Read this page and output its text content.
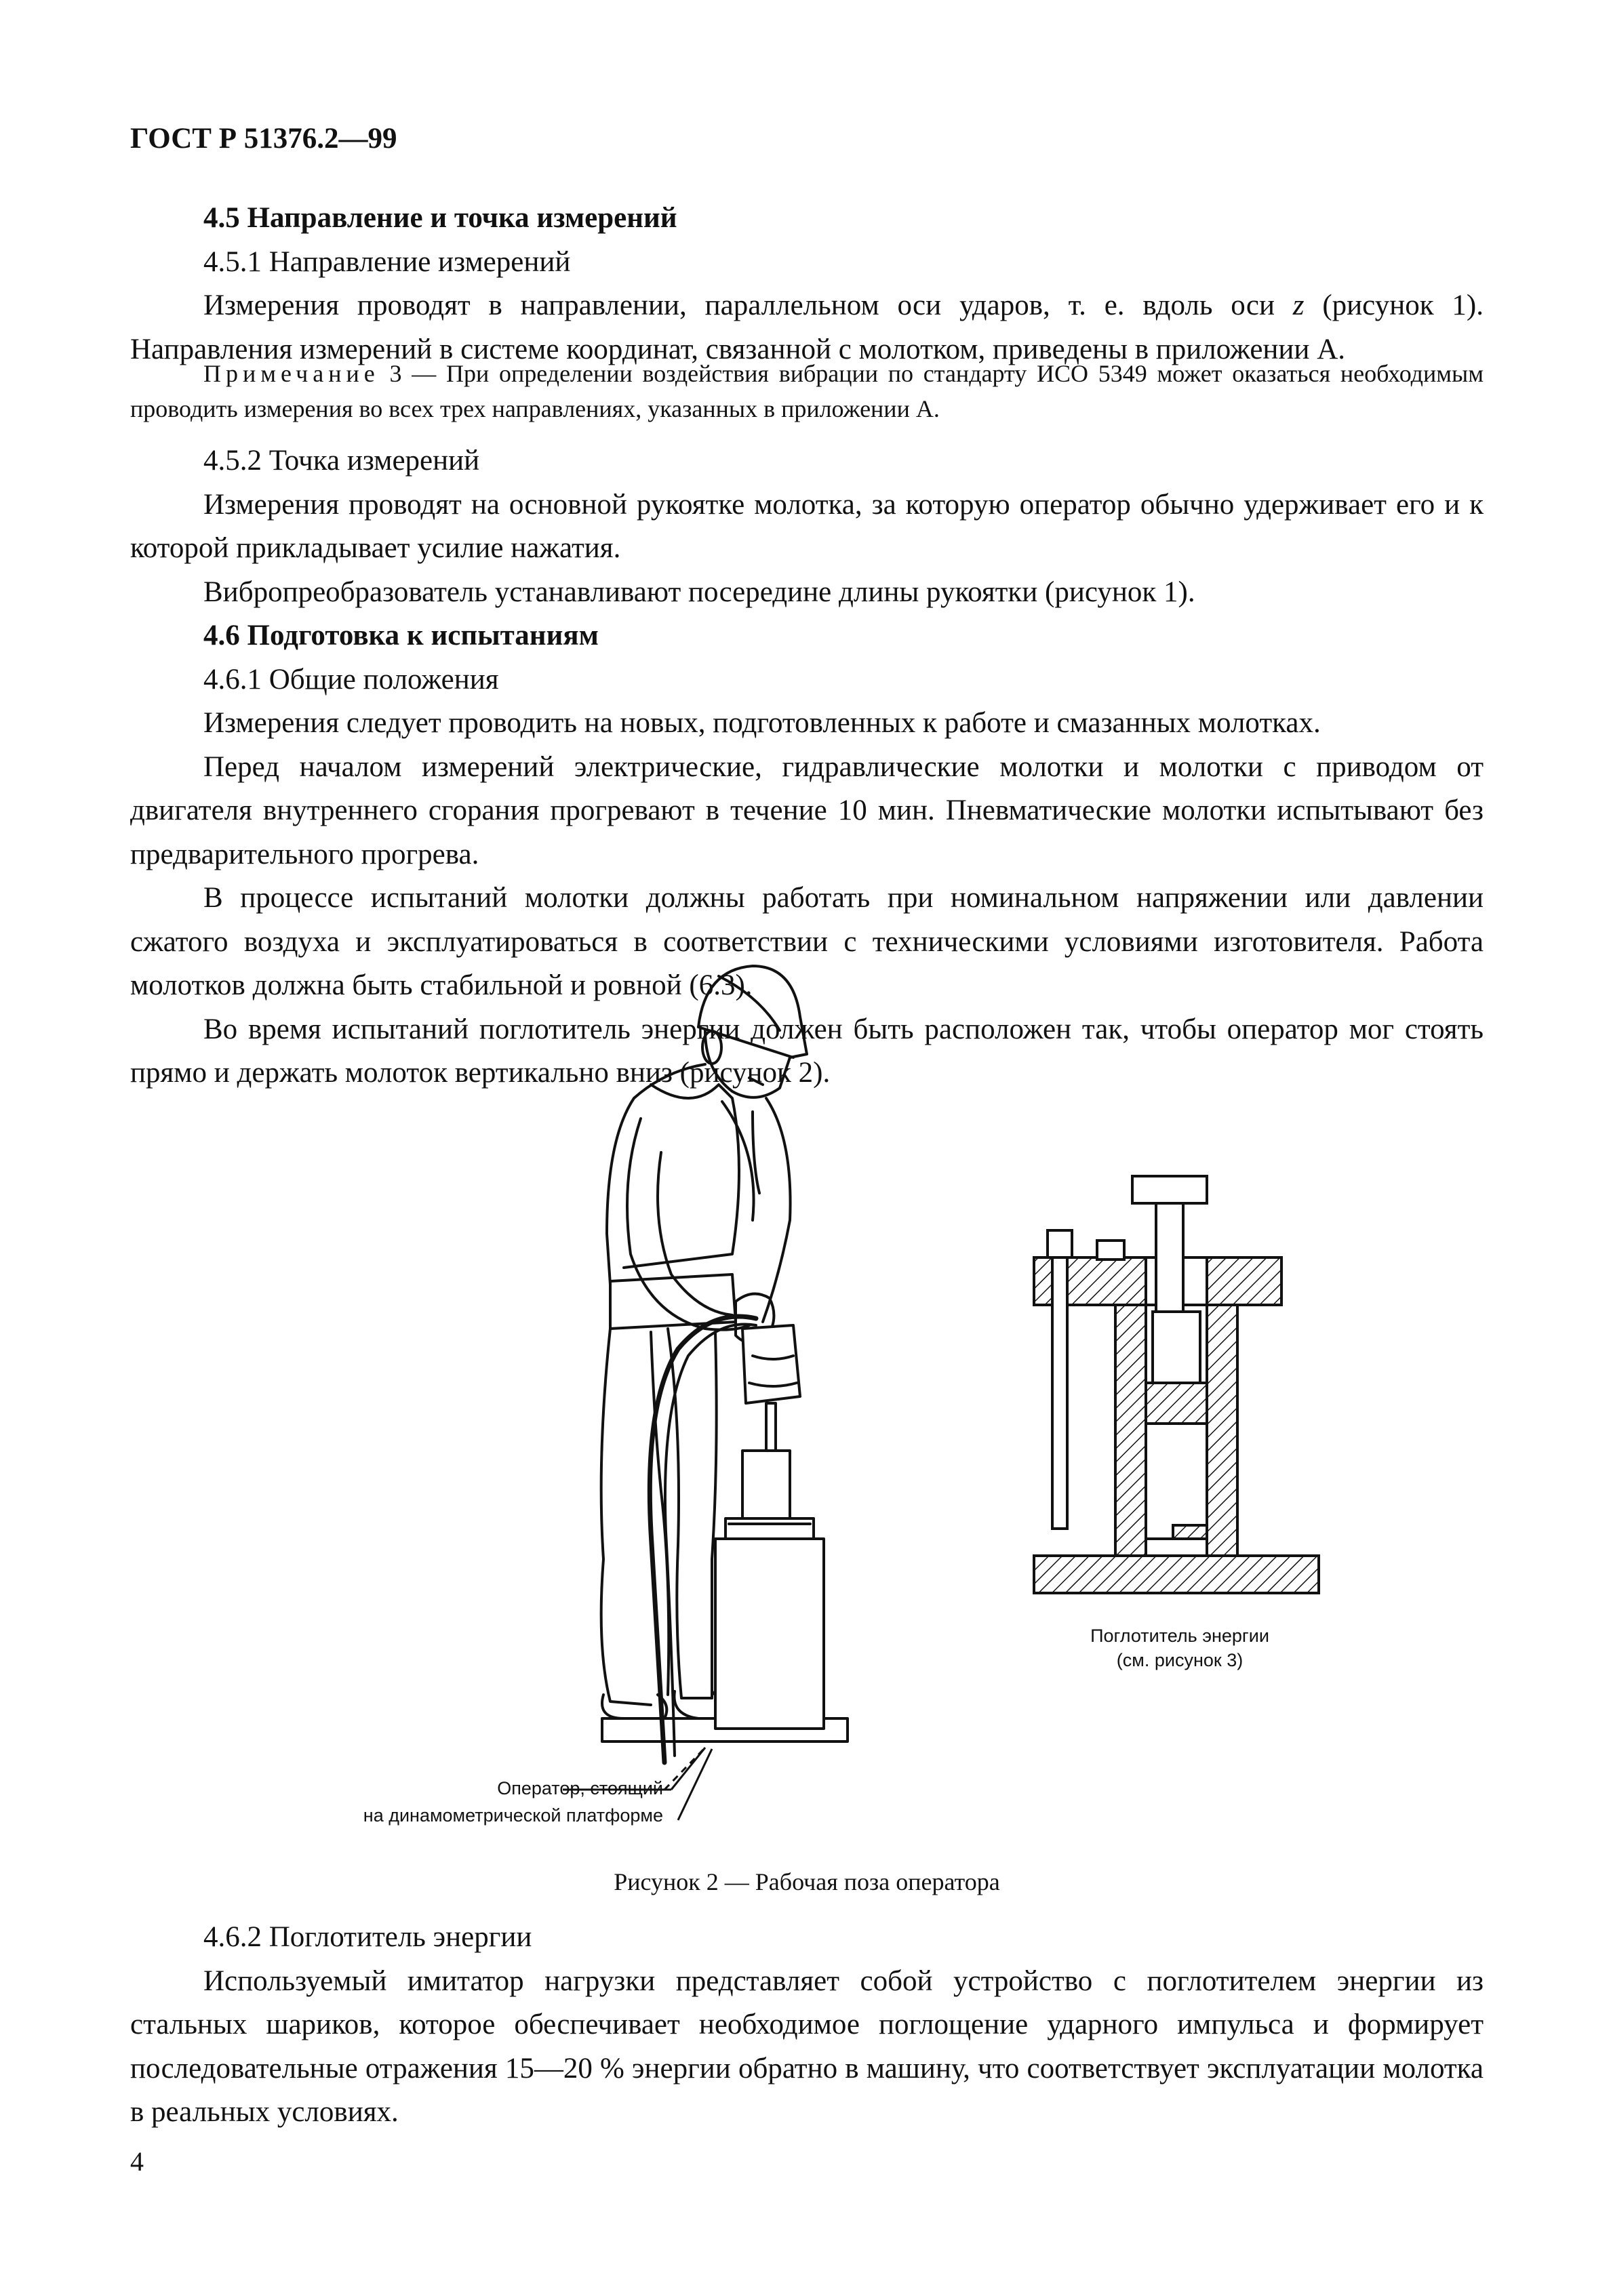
ГОСТ Р 51376.2—99

4.5 Направление и точка измерений

4.5.1 Направление измерений

Измерения проводят в направлении, параллельном оси ударов, т. е. вдоль оси z (рисунок 1). Направления измерений в системе координат, связанной с молотком, приведены в приложении А.

Примечание 3 — При определении воздействия вибрации по стандарту ИСО 5349 может оказаться необходимым проводить измерения во всех трех направлениях, указанных в приложении А.

4.5.2 Точка измерений

Измерения проводят на основной рукоятке молотка, за которую оператор обычно удерживает его и к которой прикладывает усилие нажатия.

Вибропреобразователь устанавливают посередине длины рукоятки (рисунок 1).

4.6 Подготовка к испытаниям

4.6.1 Общие положения

Измерения следует проводить на новых, подготовленных к работе и смазанных молотках.

Перед началом измерений электрические, гидравлические молотки и молотки с приводом от двигателя внутреннего сгорания прогревают в течение 10 мин. Пневматические молотки испытывают без предварительного прогрева.

В процессе испытаний молотки должны работать при номинальном напряжении или давлении сжатого воздуха и эксплуатироваться в соответствии с техническими условиями изготовителя. Работа молотков должна быть стабильной и ровной (6.3).

Во время испытаний поглотитель энергии должен быть расположен так, чтобы оператор мог стоять прямо и держать молоток вертикально вниз (рисунок 2).

Поглотитель энергии
(см. рисунок 3)
Оператор, стоящий
на динамометрической платформе
Рисунок 2 — Рабочая поза оператора

4.6.2 Поглотитель энергии

Используемый имитатор нагрузки представляет собой устройство с поглотителем энергии из стальных шариков, которое обеспечивает необходимое поглощение ударного импульса и формирует последовательные отражения 15—20 % энергии обратно в машину, что соответствует эксплуатации молотка в реальных условиях.

4
